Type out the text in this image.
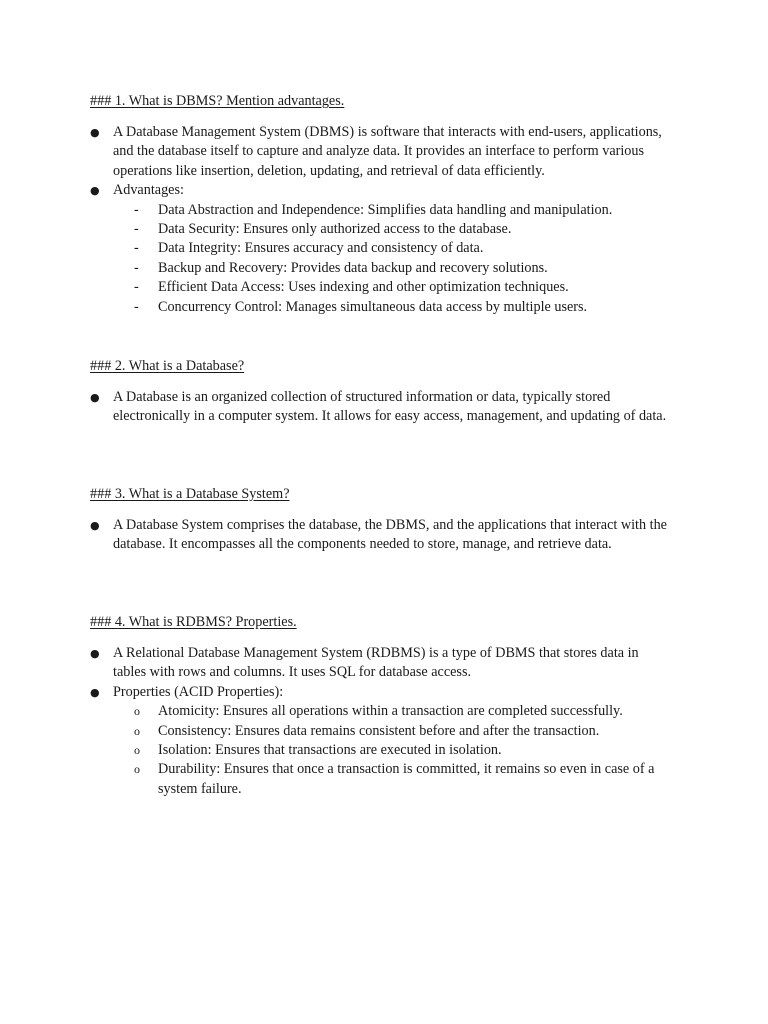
### 1. What is DBMS? Mention advantages.

● A Database Management System (DBMS) is software that interacts with end-users, applications, and the database itself to capture and analyze data. It provides an interface to perform various operations like insertion, deletion, updating, and retrieval of data efficiently.
● Advantages:
-	Data Abstraction and Independence: Simplifies data handling and manipulation.
-	Data Security: Ensures only authorized access to the database.
-	Data Integrity: Ensures accuracy and consistency of data.
-	Backup and Recovery: Provides data backup and recovery solutions.
-	Efficient Data Access: Uses indexing and other optimization techniques.
-	Concurrency Control: Manages simultaneous data access by multiple users.

### 2. What is a Database?

● A Database is an organized collection of structured information or data, typically stored electronically in a computer system. It allows for easy access, management, and updating of data.

### 3. What is a Database System?

● A Database System comprises the database, the DBMS, and the applications that interact with the database. It encompasses all the components needed to store, manage, and retrieve data.

### 4. What is RDBMS? Properties.

● A Relational Database Management System (RDBMS) is a type of DBMS that stores data in tables with rows and columns. It uses SQL for database access.
● Properties (ACID Properties):
o	Atomicity: Ensures all operations within a transaction are completed successfully.
o	Consistency: Ensures data remains consistent before and after the transaction.
o	Isolation: Ensures that transactions are executed in isolation.
o	Durability: Ensures that once a transaction is committed, it remains so even in case of a system failure.
